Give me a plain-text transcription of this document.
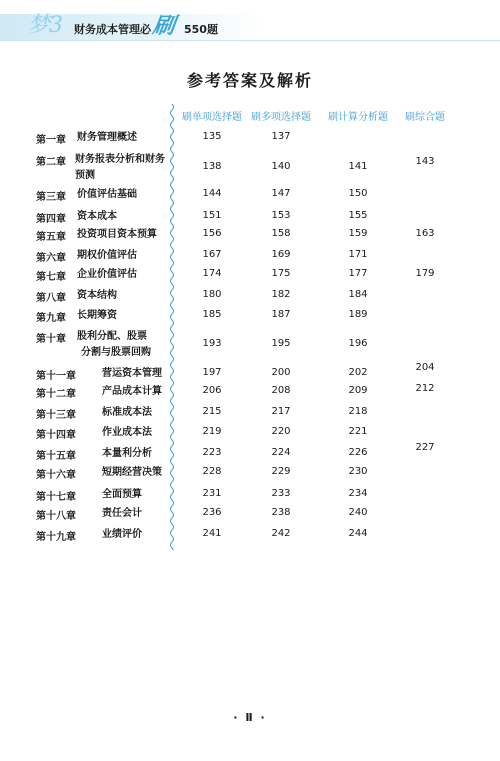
梦3 财务成本管理必 刷 550题
参考答案及解析
刷单项选择题 刷多项选择题 刷计算分析题 刷综合题
第一章 财务管理概述	135	137
第二章 财务报表分析和财务
预测
138	140	141	143
第三章 价值评估基础	144	147	150
第四章 资本成本	151	153	155
第五章 投资项目资本预算	156	158	159	163
第六章 期权价值评估	167	169	171
第七章 企业价值评估	174	175	177	179
第八章 资本结构	180	182	184
第九章 长期筹资	185	187	189
第十章 股利分配、股票
分割与股票回购
193	195	196
第十一章	营运资本管理	197	200	202	204
第十二章	产品成本计算	206	208	209	212
第十三章	标准成本法	215	217	218
第十四章	作业成本法	219	220	221
第十五章	本量利分析	223	224	226	227
第十六章	短期经营决策	228	229	230
第十七章	全面预算	231	233	234
第十八章	责任会计	236	238	240
第十九章	业绩评价	241	242	244
· Ⅱ ·
